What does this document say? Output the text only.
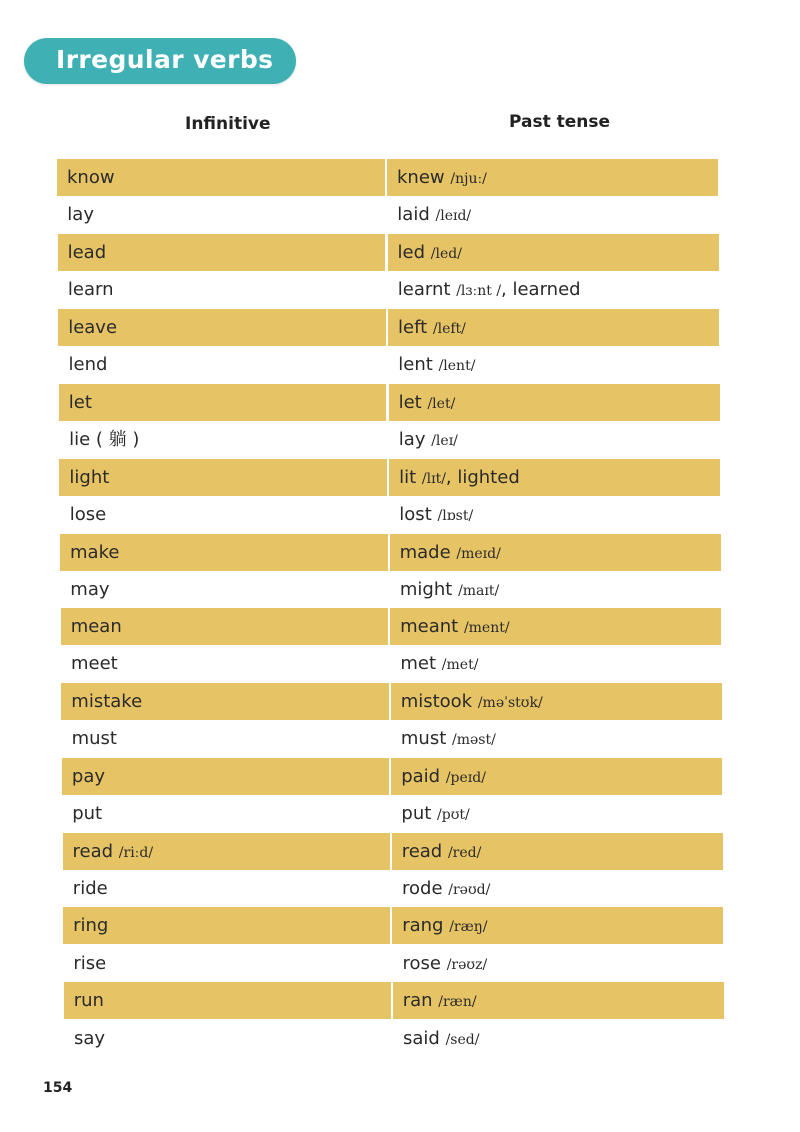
Irregular verbs
Infinitive	Past tense
know	knew /njuː/
lay	laid /leɪd/
lead	led /led/
learn	learnt /lɜːnt /, learned
leave	left /left/
lend	lent /lent/
let	let /let/
lie ( 躺 )	lay /leɪ/
light	lit /lɪt/, lighted
lose	lost /lɒst/
make	made /meɪd/
may	might /maɪt/
mean	meant /ment/
meet	met /met/
mistake	mistook /məˈstʊk/
must	must /məst/
pay	paid /peɪd/
put	put /pʊt/
read /riːd/	read /red/
ride	rode /rəʊd/
ring	rang /ræŋ/
rise	rose /rəʊz/
run	ran /ræn/
say	said /sed/
154
